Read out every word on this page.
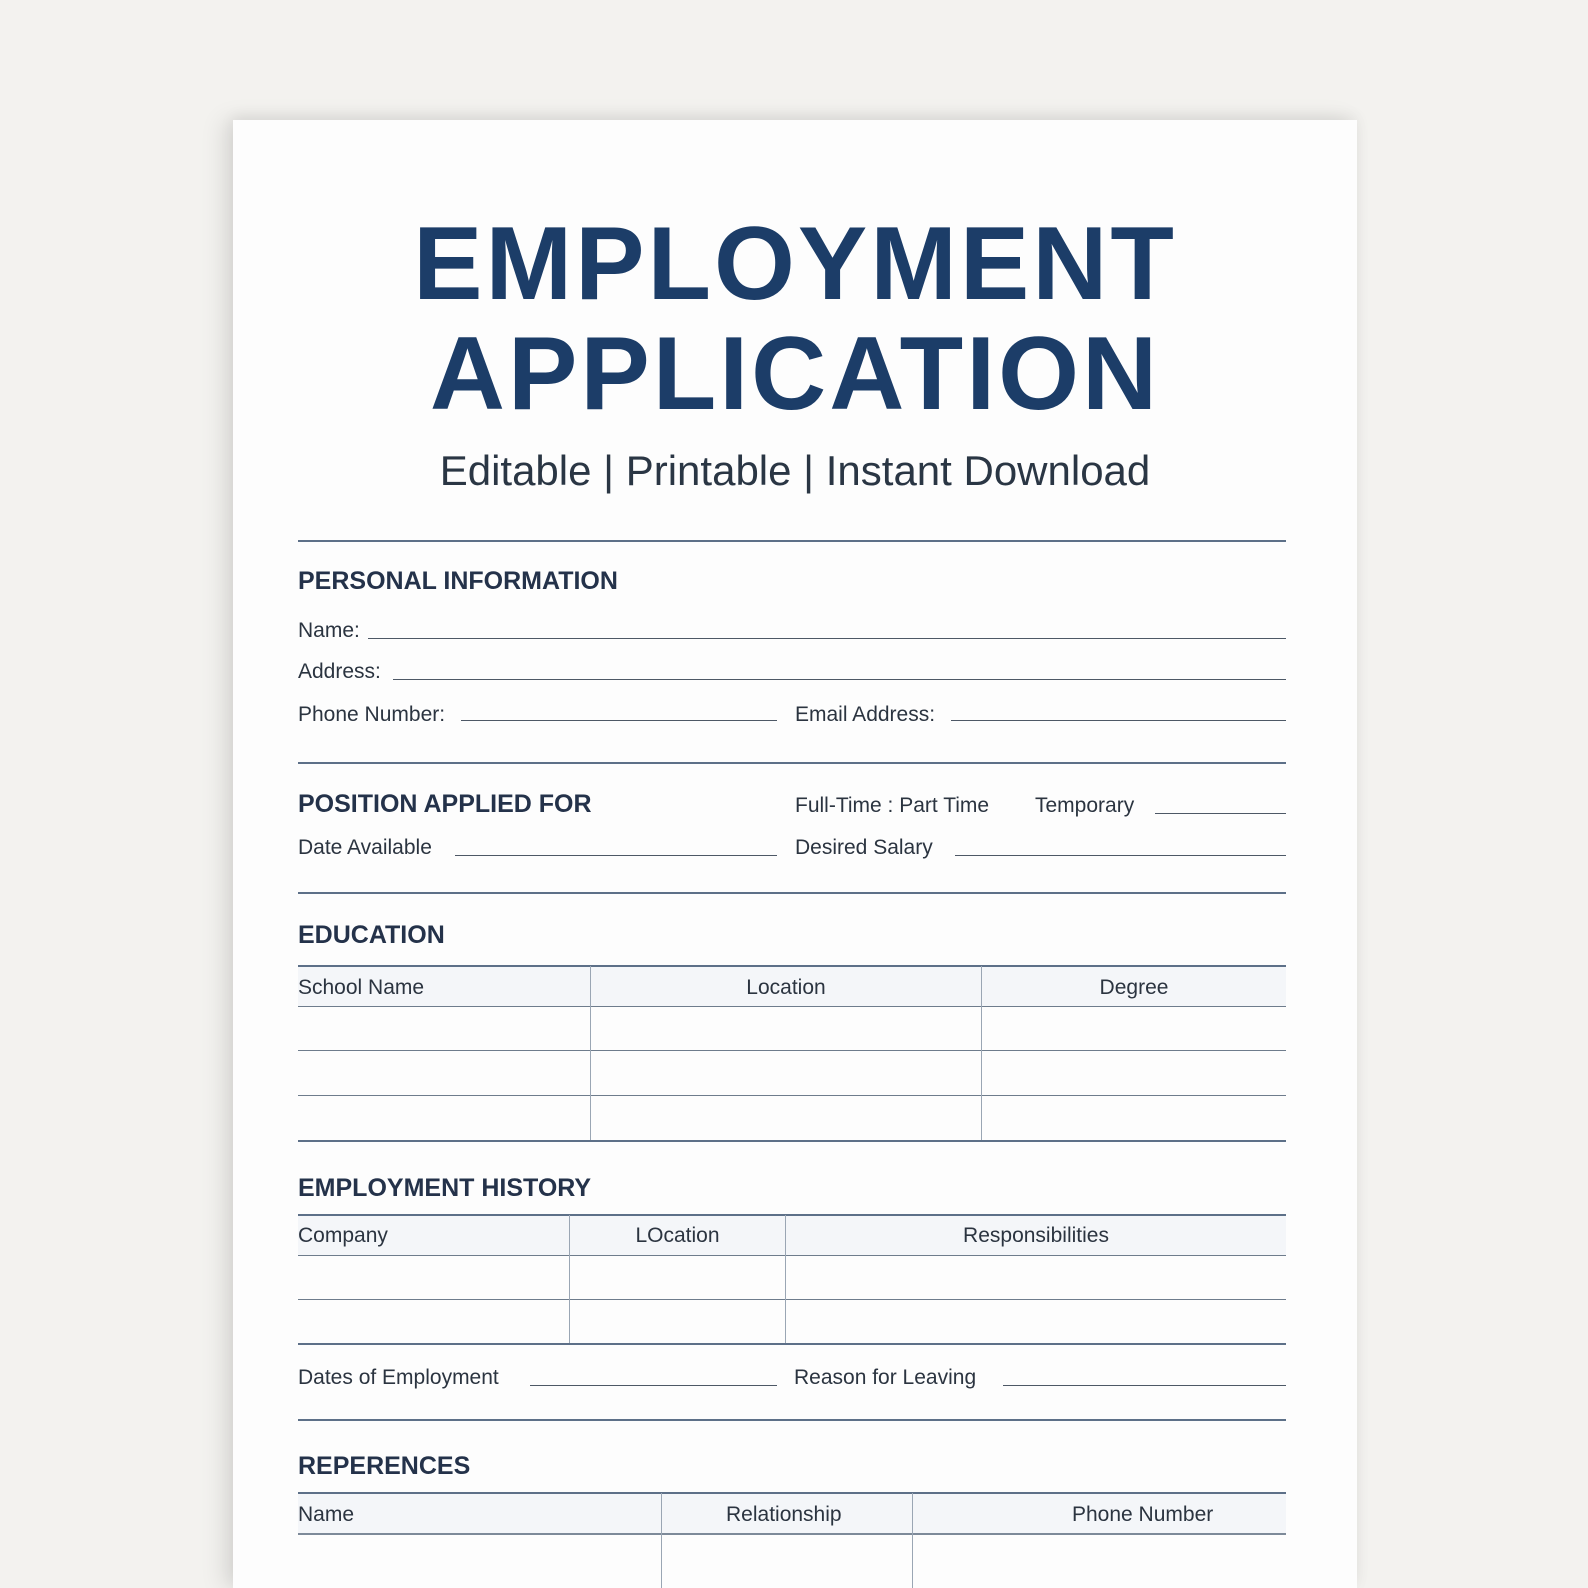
EMPLOYMENT
APPLICATION
Editable | Printable | Instant Download
PERSONAL INFORMATION
Name:
Address:
Phone Number:	Email Address:
POSITION APPLIED FOR	Full-Time : Part Time Temporary
Date Available	Desired Salary
EDUCATION
School Name	Location	Degree
EMPLOYMENT HISTORY
Company	LOcation	Responsibilities
Dates of Employment	Reason for Leaving
REPERENCES
Name	Relationship	Phone Number
